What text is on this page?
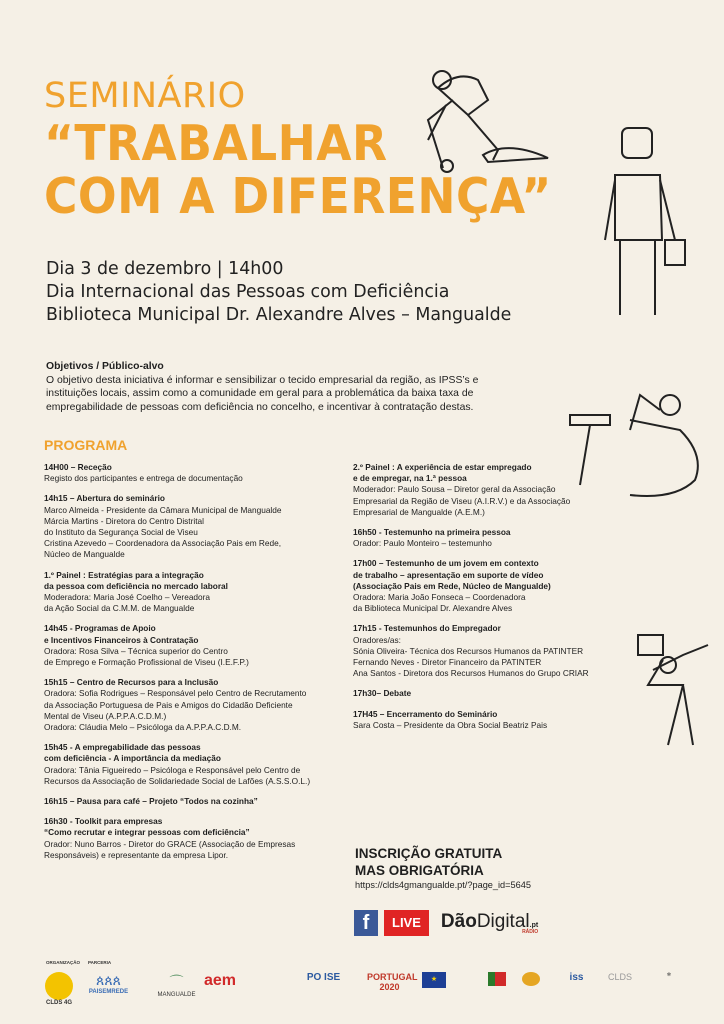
SEMINÁRIO
“TRABALHAR
COM A DIFERENÇA”
Dia 3 de dezembro | 14h00
Dia Internacional das Pessoas com Deficiência
Biblioteca Municipal Dr. Alexandre Alves – Mangualde
Objetivos / Público-alvo
O objetivo desta iniciativa é informar e sensibilizar o tecido empresarial da região, as IPSS’s e instituições locais, assim como a comunidade em geral para a problemática da baixa taxa de empregabilidade de pessoas com deficiência no concelho, e incentivar à contratação destas.
PROGRAMA
14H00 – Receção
Registo dos participantes e entrega de documentação
14h15 – Abertura do seminário
Marco Almeida - Presidente da Câmara Municipal de Mangualde
Márcia Martins - Diretora do Centro Distrital
do Instituto da Segurança Social de Viseu
Cristina Azevedo – Coordenadora da Associação Pais em Rede,
Núcleo de Mangualde
1.º Painel : Estratégias para a integração
da pessoa com deficiência no mercado laboral
Moderadora: Maria José Coelho – Vereadora
da Ação Social da C.M.M. de Mangualde
14h45 - Programas de Apoio
e Incentivos Financeiros à Contratação
Oradora: Rosa Silva – Técnica superior do Centro
de Emprego e Formação Profissional de Viseu (I.E.F.P.)
15h15 – Centro de Recursos para a Inclusão
Oradora: Sofia Rodrigues – Responsável pelo Centro de Recrutamento
da Associação Portuguesa de Pais e Amigos do Cidadão Deficiente
Mental de Viseu (A.P.P.A.C.D.M.)
Oradora: Cláudia Melo – Psicóloga da A.P.P.A.C.D.M.
15h45 - A empregabilidade das pessoas
com deficiência - A importância da mediação
Oradora: Tânia Figueiredo – Psicóloga e Responsável pelo Centro de
Recursos da Associação de Solidariedade Social de Lafões (A.S.S.O.L.)
16h15 – Pausa para café – Projeto “Todos na cozinha”
16h30 - Toolkit para empresas
“Como recrutar e integrar pessoas com deficiência”
Orador: Nuno Barros - Diretor do GRACE (Associação de Empresas
Responsáveis) e representante da empresa Lipor.
2.º Painel : A experiência de estar empregado
e de empregar, na 1.ª pessoa
Moderador: Paulo Sousa – Diretor geral da Associação
Empresarial da Região de Viseu (A.I.R.V.) e da Associação
Empresarial de Mangualde (A.E.M.)
16h50 - Testemunho na primeira pessoa
Orador: Paulo Monteiro – testemunho
17h00 – Testemunho de um jovem em contexto
de trabalho – apresentação em suporte de vídeo
(Associação Pais em Rede, Núcleo de Mangualde)
Oradora: Maria João Fonseca – Coordenadora
da Biblioteca Municipal Dr. Alexandre Alves
17h15 - Testemunhos do Empregador
Oradores/as:
Sónia Oliveira- Técnica dos Recursos Humanos da PATINTER
Fernando Neves - Diretor Financeiro da PATINTER
Ana Santos - Diretora dos Recursos Humanos do Grupo CRIAR
17h30– Debate
17H45 – Encerramento do Seminário
Sara Costa – Presidente da Obra Social Beatriz Pais
INSCRIÇÃO GRATUITA
MAS OBRIGATÓRIA
https://clds4gmangualde.pt/?page_id=5645
f	LIVE	DãoDigital.pt
RÁDIO
ORGANIZAÇÃO PARCERIA
CLDS 4G
ጰጰጰ
PAISEMREDE
⌒
MANGUALDE
aem	PO ISE	PORTUGAL 2020
★	iss	CLDS	✻
